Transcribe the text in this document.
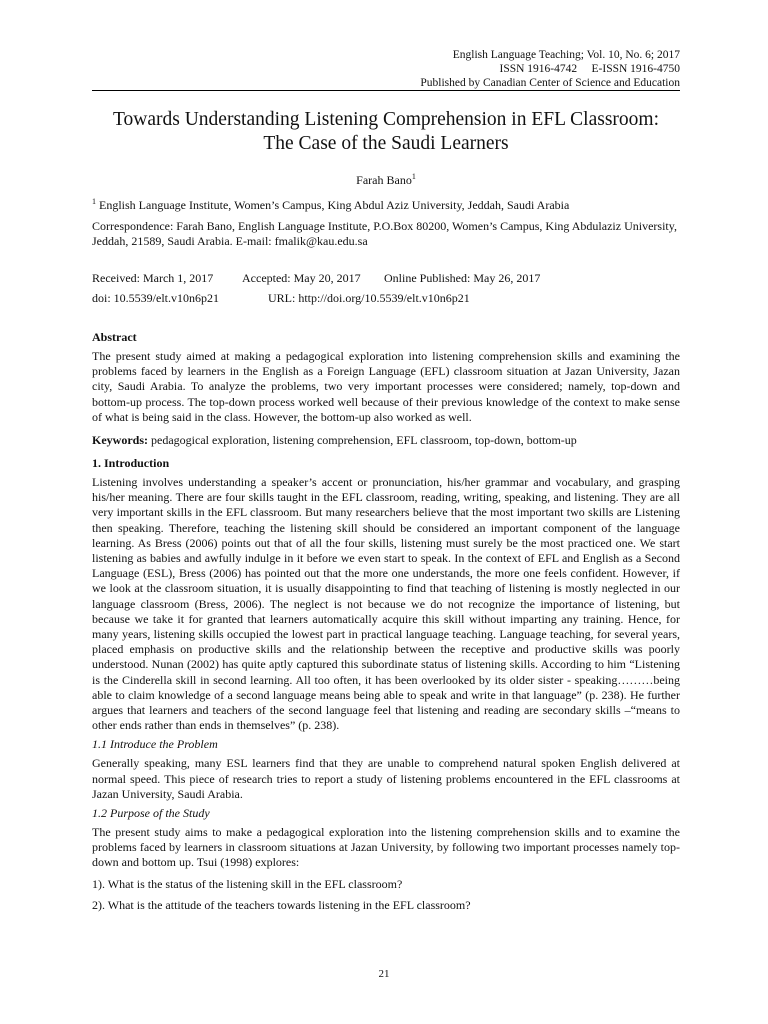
English Language Teaching; Vol. 10, No. 6; 2017
ISSN 1916-4742     E-ISSN 1916-4750
Published by Canadian Center of Science and Education
Towards Understanding Listening Comprehension in EFL Classroom:
The Case of the Saudi Learners
Farah Bano$^1$
$^1$ English Language Institute, Women’s Campus, King Abdul Aziz University, Jeddah, Saudi Arabia
Correspondence: Farah Bano, English Language Institute, P.O.Box 80200, Women’s Campus, King Abdulaziz University, Jeddah, 21589, Saudi Arabia. E-mail: fmalik@kau.edu.sa
Received: March 1, 2017 Accepted: May 20, 2017 Online Published: May 26, 2017
doi: 10.5539/elt.v10n6p21	URL: http://doi.org/10.5539/elt.v10n6p21
Abstract

The present study aimed at making a pedagogical exploration into listening comprehension skills and examining the problems faced by learners in the English as a Foreign Language (EFL) classroom situation at Jazan University, Jazan city, Saudi Arabia. To analyze the problems, two very important processes were considered; namely, top-down and bottom-up process. The top-down process worked well because of their previous knowledge of the context to make sense of what is being said in the class. However, the bottom-up also worked as well.

Keywords: pedagogical exploration, listening comprehension, EFL classroom, top-down, bottom-up
1. Introduction

Listening involves understanding a speaker’s accent or pronunciation, his/her grammar and vocabulary, and grasping his/her meaning. There are four skills taught in the EFL classroom, reading, writing, speaking, and listening. They are all very important skills in the EFL classroom. But many researchers believe that the most important two skills are Listening then speaking. Therefore, teaching the listening skill should be considered an important component of the language learning. As Bress (2006) points out that of all the four skills, listening must surely be the most practiced one. We start listening as babies and awfully indulge in it before we even start to speak. In the context of EFL and English as a Second Language (ESL), Bress (2006) has pointed out that the more one understands, the more one feels confident. However, if we look at the classroom situation, it is usually disappointing to find that teaching of listening is mostly neglected in our language classroom (Bress, 2006). The neglect is not because we do not recognize the importance of listening, but because we take it for granted that learners automatically acquire this skill without imparting any training. Hence, for many years, listening skills occupied the lowest part in practical language teaching. Language teaching, for several years, placed emphasis on productive skills and the relationship between the receptive and productive skills was poorly understood. Nunan (2002) has quite aptly captured this subordinate status of listening skills. According to him “Listening is the Cinderella skill in second learning. All too often, it has been overlooked by its older sister - speaking………being able to claim knowledge of a second language means being able to speak and write in that language” (p. 238). He further argues that learners and teachers of the second language feel that listening and reading are secondary skills –“means to other ends rather than ends in themselves” (p. 238).

1.1 Introduce the Problem

Generally speaking, many ESL learners find that they are unable to comprehend natural spoken English delivered at normal speed. This piece of research tries to report a study of listening problems encountered in the EFL classrooms at Jazan University, Saudi Arabia.

1.2 Purpose of the Study

The present study aims to make a pedagogical exploration into the listening comprehension skills and to examine the problems faced by learners in classroom situations at Jazan University, by following two important processes namely top-down and bottom up. Tsui (1998) explores:

1). What is the status of the listening skill in the EFL classroom?
2). What is the attitude of the teachers towards listening in the EFL classroom?
21
